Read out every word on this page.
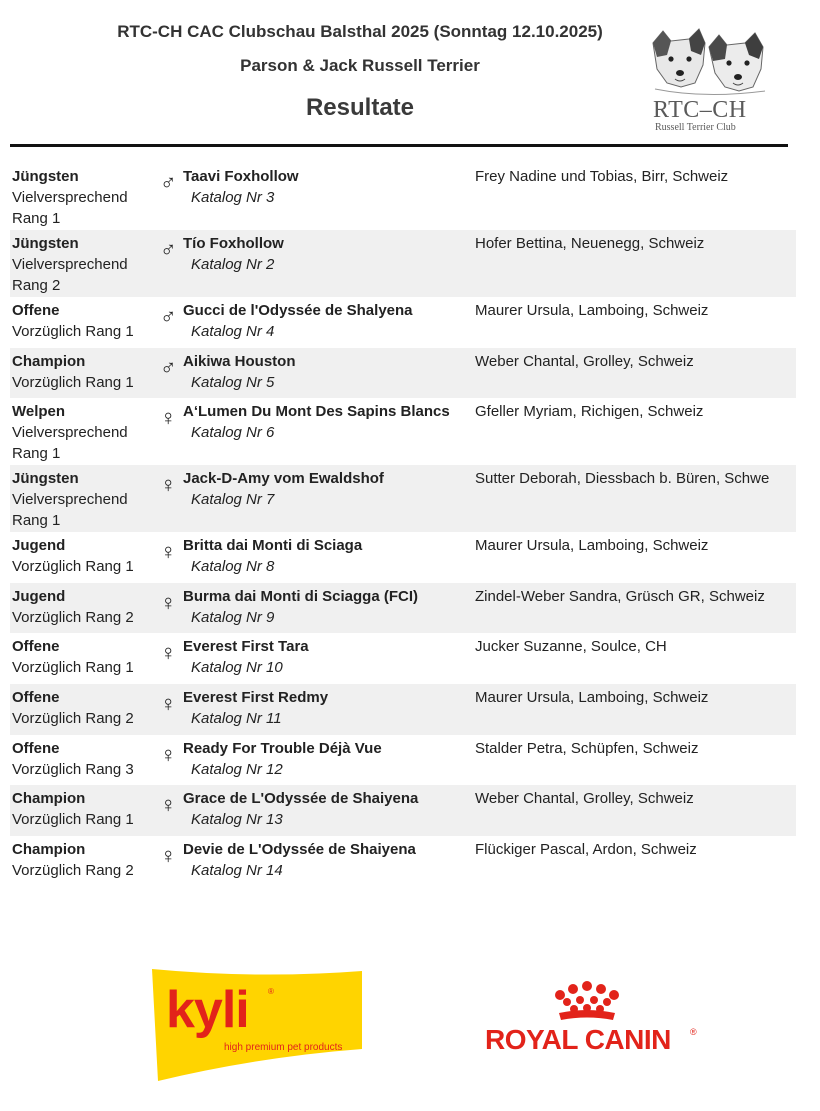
RTC-CH CAC Clubschau Balsthal 2025 (Sonntag 12.10.2025)
Parson & Jack Russell Terrier
Resultate	RTC–CH
Russell Terrier Club
Jüngsten
Vielversprechend Rang 1
♂ Taavi Foxhollow
Katalog Nr 3
Frey Nadine und Tobias, Birr, Schweiz
Jüngsten
Vielversprechend Rang 2
♂ Tío Foxhollow
Katalog Nr 2
Hofer Bettina, Neuenegg, Schweiz
Offene
Vorzüglich Rang 1
♂ Gucci de l'Odyssée de Shalyena
Katalog Nr 4
Maurer Ursula, Lamboing, Schweiz
Champion
Vorzüglich Rang 1
♂ Aikiwa Houston
Katalog Nr 5
Weber Chantal, Grolley, Schweiz
Welpen
Vielversprechend Rang 1
♀ A‘Lumen Du Mont Des Sapins Blancs
Katalog Nr 6
Gfeller Myriam, Richigen, Schweiz
Jüngsten
Vielversprechend Rang 1
♀ Jack-D-Amy vom Ewaldshof
Katalog Nr 7
Sutter Deborah, Diessbach b. Büren, Schwe
Jugend
Vorzüglich Rang 1
♀ Britta dai Monti di Sciaga
Katalog Nr 8
Maurer Ursula, Lamboing, Schweiz
Jugend
Vorzüglich Rang 2
♀ Burma dai Monti di Sciagga (FCI)
Katalog Nr 9
Zindel-Weber Sandra, Grüsch GR, Schweiz
Offene
Vorzüglich Rang 1
♀ Everest First Tara
Katalog Nr 10
Jucker Suzanne, Soulce, CH
Offene
Vorzüglich Rang 2
♀ Everest First Redmy
Katalog Nr 11
Maurer Ursula, Lamboing, Schweiz
Offene
Vorzüglich Rang 3
♀ Ready For Trouble Déjà Vue
Katalog Nr 12
Stalder Petra, Schüpfen, Schweiz
Champion
Vorzüglich Rang 1
♀ Grace de L'Odyssée de Shaiyena
Katalog Nr 13
Weber Chantal, Grolley, Schweiz
Champion
Vorzüglich Rang 2
♀ Devie de L'Odyssée de Shaiyena
Katalog Nr 14
Flückiger Pascal, Ardon, Schweiz
kyli ®
high premium pet products	ROYAL CANIN ®
